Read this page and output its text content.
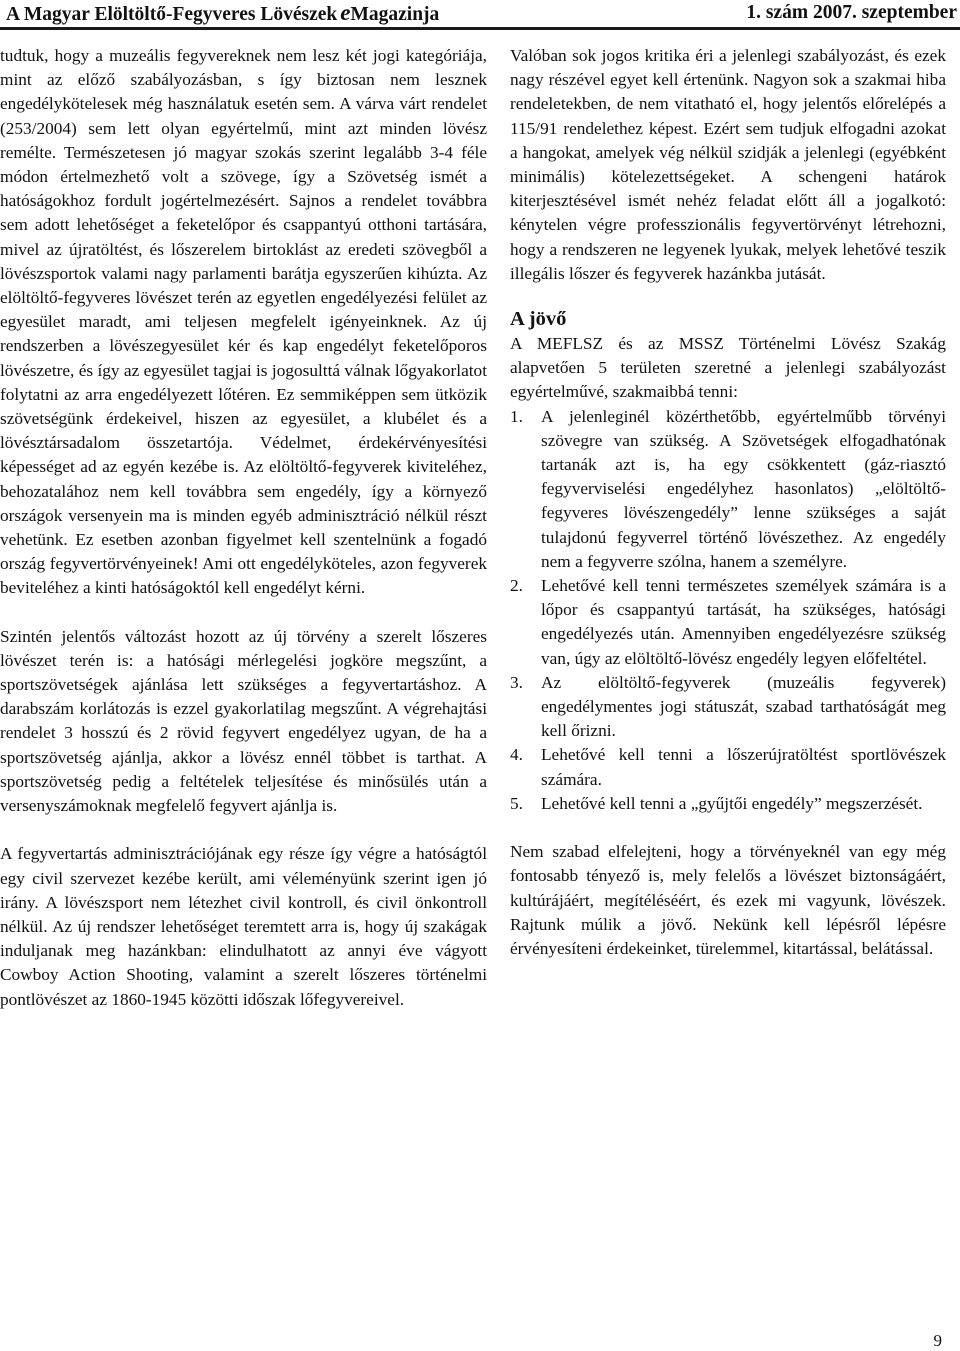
A Magyar Elöltöltő-Fegyveres Lövészek eMagazinja	1. szám 2007. szeptember

tudtuk, hogy a muzeális fegyvereknek nem lesz két jogi kategóriája, mint az előző szabályozásban, s így biztosan nem lesznek engedélykötelesek még használatuk esetén sem. A várva várt rendelet (253/2004) sem lett olyan egyértelmű, mint azt minden lövész remélte. Természetesen jó magyar szokás szerint legalább 3-4 féle módon értelmezhető volt a szövege, így a Szövetség ismét a hatóságokhoz fordult jogértelmezésért. Sajnos a rendelet továbbra sem adott lehetőséget a feketelőpor és csappantyú otthoni tartására, mivel az újratöltést, és lőszerelem birtoklást az eredeti szövegből a lövészsportok valami nagy parlamenti barátja egyszerűen kihúzta. Az elöltöltő-fegyveres lövészet terén az egyetlen engedélyezési felület az egyesület maradt, ami teljesen megfelelt igényeinknek. Az új rendszerben a lövészegyesület kér és kap engedélyt feketelőporos lövészetre, és így az egyesület tagjai is jogosulttá válnak lőgyakorlatot folytatni az arra engedélyezett lőtéren. Ez semmiképpen sem ütközik szövetségünk érdekeivel, hiszen az egyesület, a klubélet és a lövésztársadalom összetartója. Védelmet, érdekérvényesítési képességet ad az egyén kezébe is. Az elöltöltő-fegyverek kiviteléhez, behozatalához nem kell továbbra sem engedély, így a környező országok versenyein ma is minden egyéb adminisztráció nélkül részt vehetünk. Ez esetben azonban figyelmet kell szentelnünk a fogadó ország fegyvertörvényeinek! Ami ott engedélyköteles, azon fegyverek beviteléhez a kinti hatóságoktól kell engedélyt kérni.

Szintén jelentős változást hozott az új törvény a szerelt lőszeres lövészet terén is: a hatósági mérlegelési jogköre megszűnt, a sportszövetségek ajánlása lett szükséges a fegyvertartáshoz. A darabszám korlátozás is ezzel gyakorlatilag megszűnt. A végrehajtási rendelet 3 hosszú és 2 rövid fegyvert engedélyez ugyan, de ha a sportszövetség ajánlja, akkor a lövész ennél többet is tarthat. A sportszövetség pedig a feltételek teljesítése és minősülés után a versenyszámoknak megfelelő fegyvert ajánlja is.

A fegyvertartás adminisztrációjának egy része így végre a hatóságtól egy civil szervezet kezébe került, ami véleményünk szerint igen jó irány. A lövészsport nem létezhet civil kontroll, és civil önkontroll nélkül. Az új rendszer lehetőséget teremtett arra is, hogy új szakágak induljanak meg hazánkban: elindulhatott az annyi éve vágyott Cowboy Action Shooting, valamint a szerelt lőszeres történelmi pontlövészet az 1860-1945 közötti időszak lőfegyvereivel.

Valóban sok jogos kritika éri a jelenlegi szabályozást, és ezek nagy részével egyet kell értenünk. Nagyon sok a szakmai hiba rendeletekben, de nem vitatható el, hogy jelentős előrelépés a 115/91 rendelethez képest. Ezért sem tudjuk elfogadni azokat a hangokat, amelyek vég nélkül szidják a jelenlegi (egyébként minimális) kötelezettségeket. A schengeni határok kiterjesztésével ismét nehéz feladat előtt áll a jogalkotó: kénytelen végre professzionális fegyvertörvényt létrehozni, hogy a rendszeren ne legyenek lyukak, melyek lehetővé teszik illegális lőszer és fegyverek hazánkba jutását.

A jövő

A MEFLSZ és az MSSZ Történelmi Lövész Szakág alapvetően 5 területen szeretné a jelenlegi szabályozást egyértelművé, szakmaibbá tenni:

1. A jelenleginél közérthetőbb, egyértelműbb törvényi szövegre van szükség. A Szövetségek elfogadhatónak tartanák azt is, ha egy csökkentett (gáz-riasztó fegyverviselési engedélyhez hasonlatos) „elöltöltő-fegyveres lövészengedély” lenne szükséges a saját tulajdonú fegyverrel történő lövészethez. Az engedély nem a fegyverre szólna, hanem a személyre.
2. Lehetővé kell tenni természetes személyek számára is a lőpor és csappantyú tartását, ha szükséges, hatósági engedélyezés után. Amennyiben engedélyezésre szükség van, úgy az elöltöltő-lövész engedély legyen előfeltétel.
3. Az elöltöltő-fegyverek (muzeális fegyverek) engedélymentes jogi státuszát, szabad tarthatóságát meg kell őrizni.
4. Lehetővé kell tenni a lőszerújratöltést sportlövészek számára.
5. Lehetővé kell tenni a „gyűjtői engedély” megszerzését.

Nem szabad elfelejteni, hogy a törvényeknél van egy még fontosabb tényező is, mely felelős a lövészet biztonságáért, kultúrájáért, megítéléséért, és ezek mi vagyunk, lövészek. Rajtunk múlik a jövő. Nekünk kell lépésről lépésre érvényesíteni érdekeinket, türelemmel, kitartással, belátással.

9
